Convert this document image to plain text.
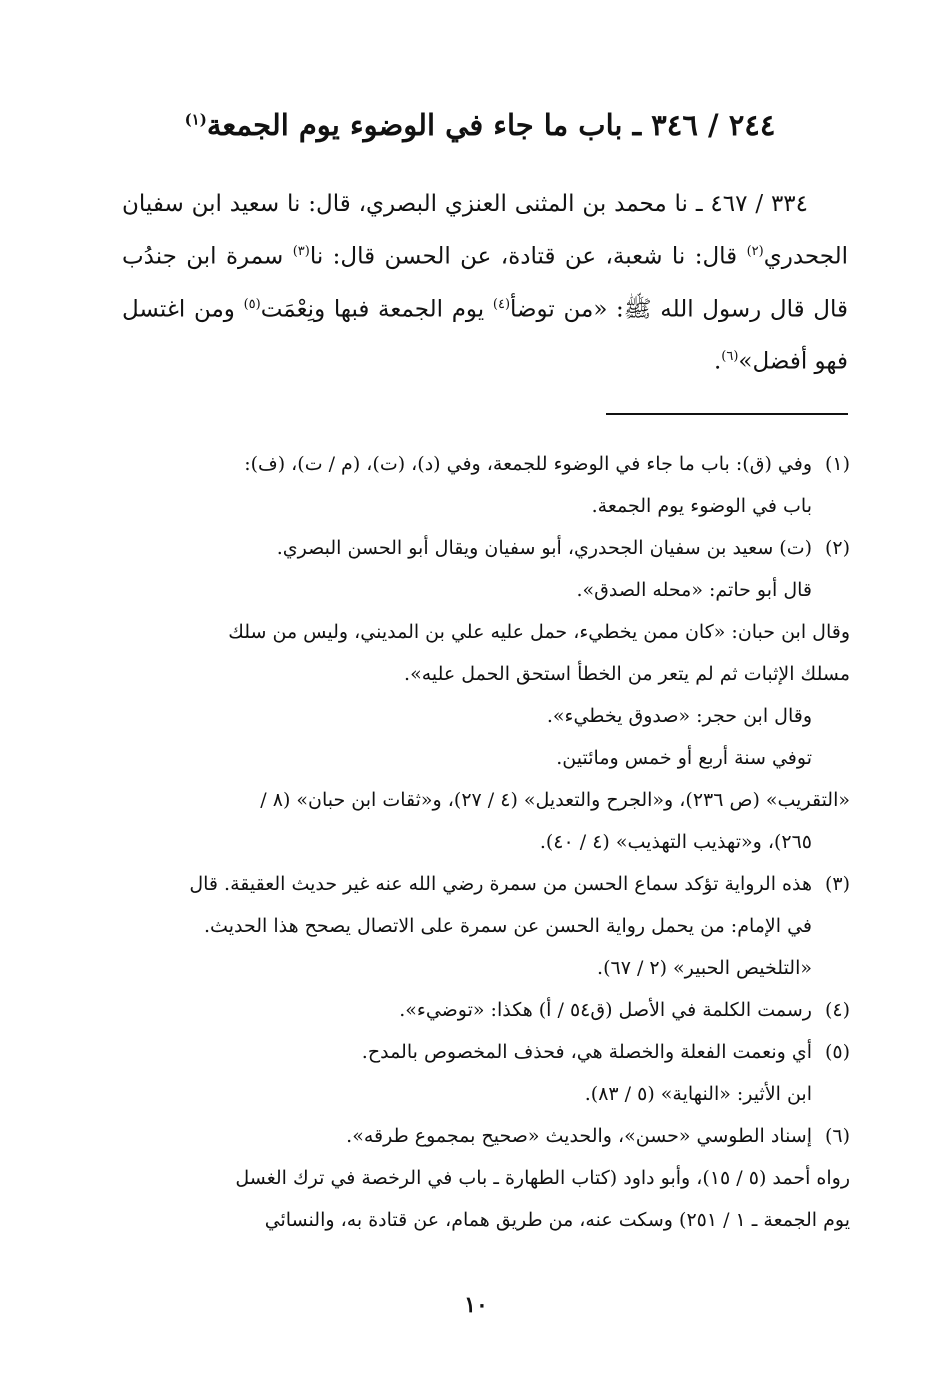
٢٤٤ / ٣٤٦ ـ باب ما جاء في الوضوء يوم الجمعة$^{(١)}$

٣٣٤ / ٤٦٧ ـ نا محمد بن المثنى العنزي البصري، قال: نا سعيد ابن سفيان الجحدري$^{(٢)}$ قال: نا شعبة، عن قتادة، عن الحسن قال: نا$^{(٣)}$ سمرة ابن جندُب قال قال رسول الله ﷺ: «من توضأ$^{(٤)}$ يوم الجمعة فبها ونِعْمَت$^{(٥)}$ ومن اغتسل فهو أفضل»$^{(٦)}$.

(١)
وفي (ق): باب ما جاء في الوضوء للجمعة، وفي (د)، (ت)، (م / ت)، (ف):
باب في الوضوء يوم الجمعة.
(٢)
(ت) سعيد بن سفيان الجحدري، أبو سفيان ويقال أبو الحسن البصري.
قال أبو حاتم: «محله الصدق».
وقال ابن حبان: «كان ممن يخطيء، حمل عليه علي بن المديني، وليس من سلك
مسلك الإثبات ثم لم يتعر من الخطأ استحق الحمل عليه».
وقال ابن حجر: «صدوق يخطيء».
توفي سنة أربع أو خمس ومائتين.
«التقريب» (ص ٢٣٦)، و«الجرح والتعديل» (٤ / ٢٧)، و«ثقات ابن حبان» (٨ /
٢٦٥)، و«تهذيب التهذيب» (٤ / ٤٠).
(٣)
هذه الرواية تؤكد سماع الحسن من سمرة رضي الله عنه غير حديث العقيقة. قال
في الإمام: من يحمل رواية الحسن عن سمرة على الاتصال يصحح هذا الحديث.
«التلخيص الحبير» (٢ / ٦٧).
(٤)
رسمت الكلمة في الأصل (ق٥٤ / أ) هكذا: «توضيء».
(٥)
أي ونعمت الفعلة والخصلة هي، فحذف المخصوص بالمدح.
ابن الأثير: «النهاية» (٥ / ٨٣).
(٦)
إسناد الطوسي «حسن»، والحديث «صحيح بمجموع طرقه».
رواه أحمد (٥ / ١٥)، وأبو داود (كتاب الطهارة ـ باب في الرخصة في ترك الغسل
يوم الجمعة ـ ١ / ٢٥١) وسكت عنه، من طريق همام، عن قتادة به، والنسائي
١٠
